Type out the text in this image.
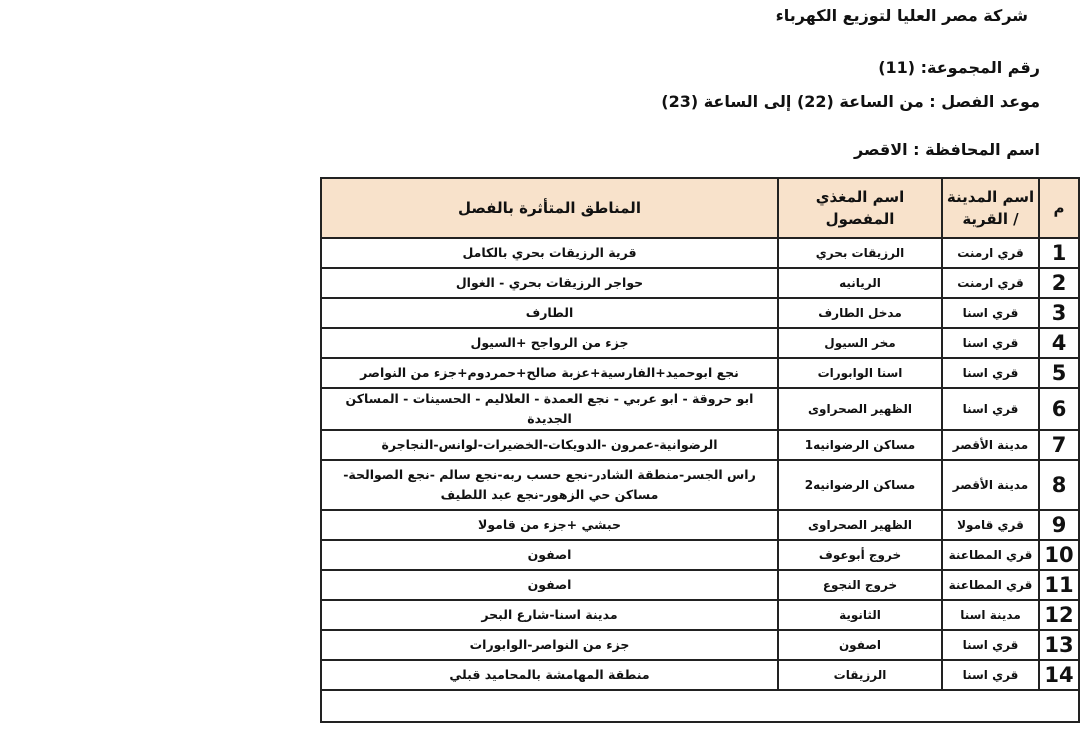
شركة مصر العليا لتوزيع الكهرباء
رقم المجموعة: (11)
موعد الفصل : من الساعة (22) إلى الساعة (23)
اسم المحافظة : الاقصر
م	اسم المدينة / القرية	اسم المغذي المفصول	المناطق المتأثرة بالفصل
1	قري ارمنت	الرزيقات بحري	قرية الرزيقات بحري بالكامل
2	قري ارمنت	الريانيه	حواجر الرزيقات بحري - الغوال
3	قري اسنا	مدخل الطارف	الطارف
4	قري اسنا	مخر السيول	جزء من الرواجح +السيول
5	قري اسنا	اسنا الوابورات	نجع ابوحميد+الفارسية+عزبة صالح+حمردوم+جزء من النواصر
6	قري اسنا	الظهير الصحراوى	ابو حروقة - ابو عربي - نجع العمدة - العلاليم - الحسينات - المساكن الجديدة
7	مدينة الأقصر	مساكن الرضوانيه1	الرضوانية-عمرون -الدويكات-الخضيرات-لوانس-النجاجرة
8	مدينة الأقصر	مساكن الرضوانيه2	راس الجسر-منطقة الشادر-نجع حسب ربه-نجع سالم -نجع الصوالحة-مساكن حي الزهور-نجع عبد اللطيف
9	قري قامولا	الظهير الصحراوى	حبشي +جزء من قامولا
10	قري المطاعنة	خروج أبوعوف	اصفون
11	قري المطاعنة	خروج النجوع	اصفون
12	مدينة اسنا	الثانوية	مدينة اسنا-شارع البحر
13	قري اسنا	اصفون	جزء من النواصر-الوابورات
14	قري اسنا	الرزيقات	منطقة المهامشة بالمحاميد قبلي
